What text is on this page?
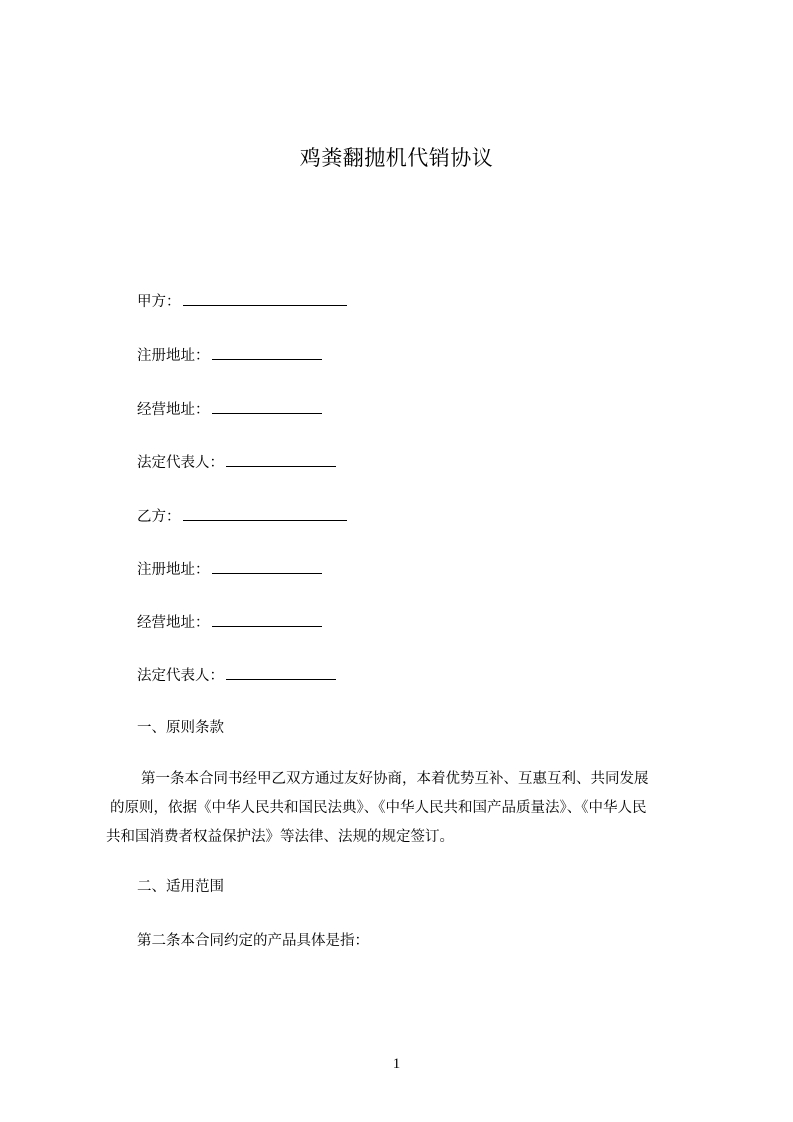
鸡粪翻抛机代销协议
甲方：
注册地址：
经营地址：
法定代表人：
乙方：
注册地址：
经营地址：
法定代表人：
一、原则条款
第一条本合同书经甲乙双方通过友好协商，本着优势互补、互惠互利、共同发展
的原则，依据《中华人民共和国民法典》、《中华人民共和国产品质量法》、《中华人民
共和国消费者权益保护法》等法律、法规的规定签订。
二、适用范围
第二条本合同约定的产品具体是指：
1
